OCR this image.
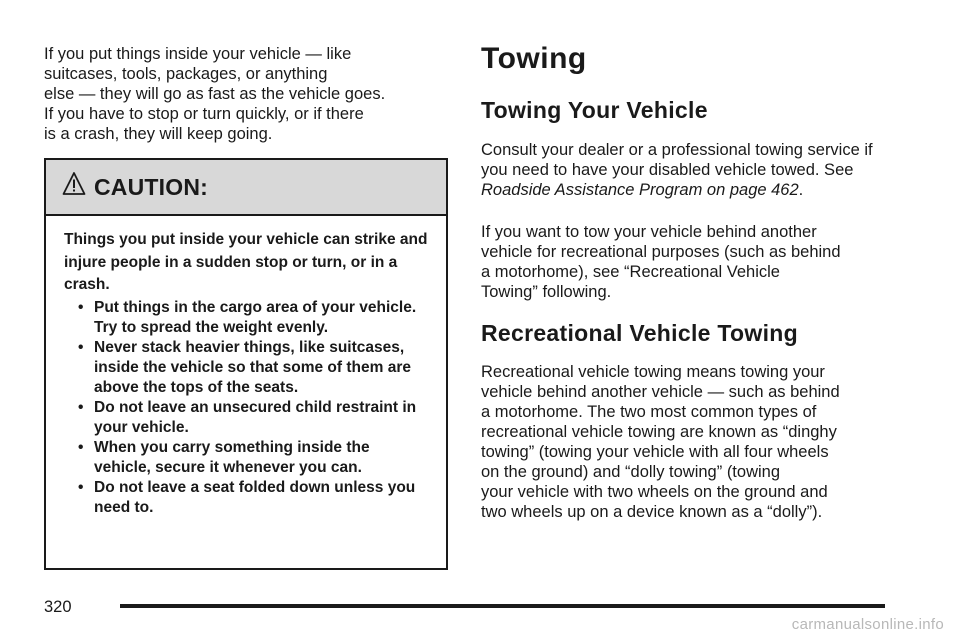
If you put things inside your vehicle — like
suitcases, tools, packages, or anything
else — they will go as fast as the vehicle goes.
If you have to stop or turn quickly, or if there
is a crash, they will keep going.

CAUTION:

Things you put inside your vehicle can strike and injure people in a sudden stop or turn, or in a crash.

• Put things in the cargo area of your vehicle. Try to spread the weight evenly.
• Never stack heavier things, like suitcases, inside the vehicle so that some of them are above the tops of the seats.
• Do not leave an unsecured child restraint in your vehicle.
• When you carry something inside the vehicle, secure it whenever you can.
• Do not leave a seat folded down unless you need to.
Towing
Towing Your Vehicle

Consult your dealer or a professional towing service if you need to have your disabled vehicle towed. See Roadside Assistance Program on page 462.

If you want to tow your vehicle behind another
vehicle for recreational purposes (such as behind
a motorhome), see “Recreational Vehicle
Towing” following.

Recreational Vehicle Towing

Recreational vehicle towing means towing your
vehicle behind another vehicle — such as behind
a motorhome. The two most common types of
recreational vehicle towing are known as “dinghy
towing” (towing your vehicle with all four wheels
on the ground) and “dolly towing” (towing
your vehicle with two wheels on the ground and
two wheels up on a device known as a “dolly”).

320
carmanualsonline.info
